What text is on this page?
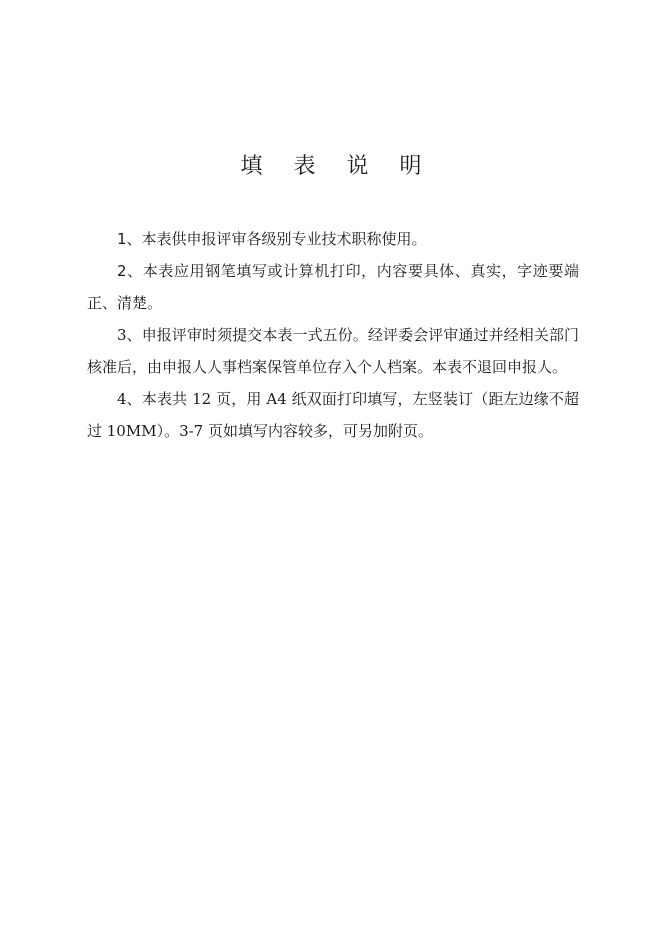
填 表 说 明

1、本表供申报评审各级别专业技术职称使用。

2、本表应用钢笔填写或计算机打印，内容要具体、真实，字迹要端正、清楚。

3、申报评审时须提交本表一式五份。经评委会评审通过并经相关部门核准后，由申报人人事档案保管单位存入个人档案。本表不退回申报人。

4、本表共 12 页，用 A4 纸双面打印填写，左竖装订（距左边缘不超过 10MM）。3-7 页如填写内容较多，可另加附页。
